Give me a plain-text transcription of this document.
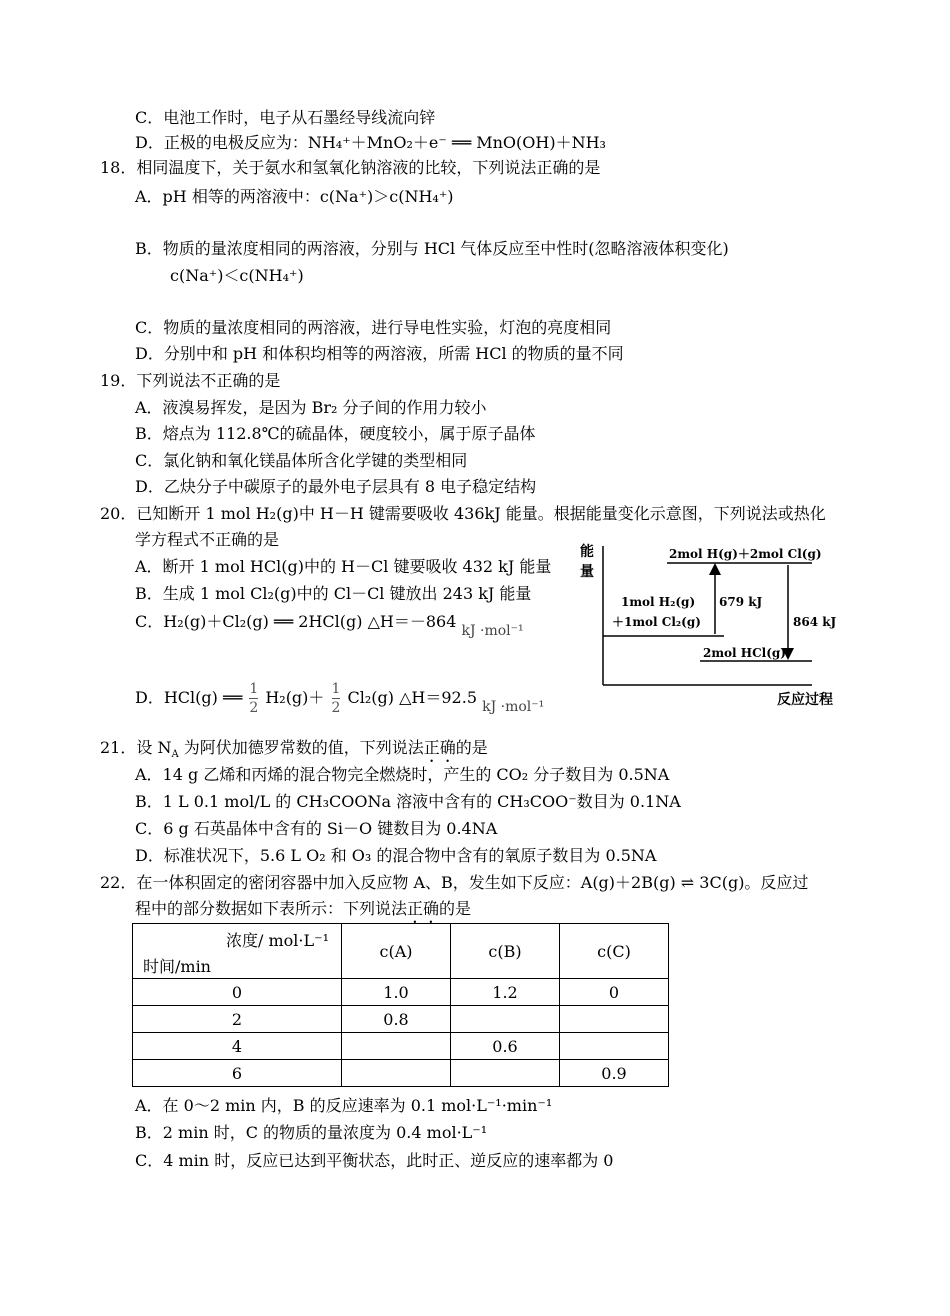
C．电池工作时，电子从石墨经导线流向锌
D．正极的电极反应为：NH₄⁺＋MnO₂＋e⁻ ══ MnO(OH)＋NH₃
18．相同温度下，关于氨水和氢氧化钠溶液的比较，下列说法正确的是
A．pH 相等的两溶液中：c(Na⁺)＞c(NH₄⁺)
B．物质的量浓度相同的两溶液，分别与 HCl 气体反应至中性时(忽略溶液体积变化)
c(Na⁺)＜c(NH₄⁺)
C．物质的量浓度相同的两溶液，进行导电性实验，灯泡的亮度相同
D．分别中和 pH 和体积均相等的两溶液，所需 HCl 的物质的量不同
19．下列说法不正确的是
A．液溴易挥发，是因为 Br₂ 分子间的作用力较小
B．熔点为 112.8℃的硫晶体，硬度较小，属于原子晶体
C．氯化钠和氧化镁晶体所含化学键的类型相同
D．乙炔分子中碳原子的最外电子层具有 8 电子稳定结构
20．已知断开 1 mol H₂(g)中 H－H 键需要吸收 436kJ 能量。根据能量变化示意图，下列说法或热化
学方程式不正确的是
A．断开 1 mol HCl(g)中的 H－Cl 键要吸收 432 kJ 能量
B．生成 1 mol Cl₂(g)中的 Cl－Cl 键放出 243 kJ 能量
C．H₂(g)＋Cl₂(g) ══ 2HCl(g) △H＝－864 kJ ·mol⁻¹
D．HCl(g) ══ $\frac{1}{2} H_2(g)+ \frac{1}{2} Cl_2(g)$ △H＝92.5 kJ ·mol⁻¹
能
量
2mol H(g)＋2mol Cl(g)
1mol H₂(g)
＋1mol Cl₂(g)
679 kJ
864 kJ
2mol HCl(g)
反应过程
21．设 $N_A$ 为阿伏加德罗常数的值，下列说法正确的是
A．14 g 乙烯和丙烯的混合物完全燃烧时，产生的 CO₂ 分子数目为 0.5NA
B．1 L 0.1 mol/L 的 CH₃COONa 溶液中含有的 CH₃COO⁻数目为 0.1NA
C．6 g 石英晶体中含有的 Si－O 键数目为 0.4NA
D．标准状况下，5.6 L O₂ 和 O₃ 的混合物中含有的氧原子数目为 0.5NA
22．在一体积固定的密闭容器中加入反应物 A、B，发生如下反应：A(g)＋2B(g) ⇌ 3C(g)。反应过
程中的部分数据如下表所示：下列说法正确的是
浓度/ mol·L⁻¹
时间/min	c(A)	c(B)	c(C)
0	1.0	1.2	0
2	0.8		
4		0.6	
6			0.9
A．在 0～2 min 内，B 的反应速率为 0.1 mol·L⁻¹·min⁻¹
B．2 min 时，C 的物质的量浓度为 0.4 mol·L⁻¹
C．4 min 时，反应已达到平衡状态，此时正、逆反应的速率都为 0
